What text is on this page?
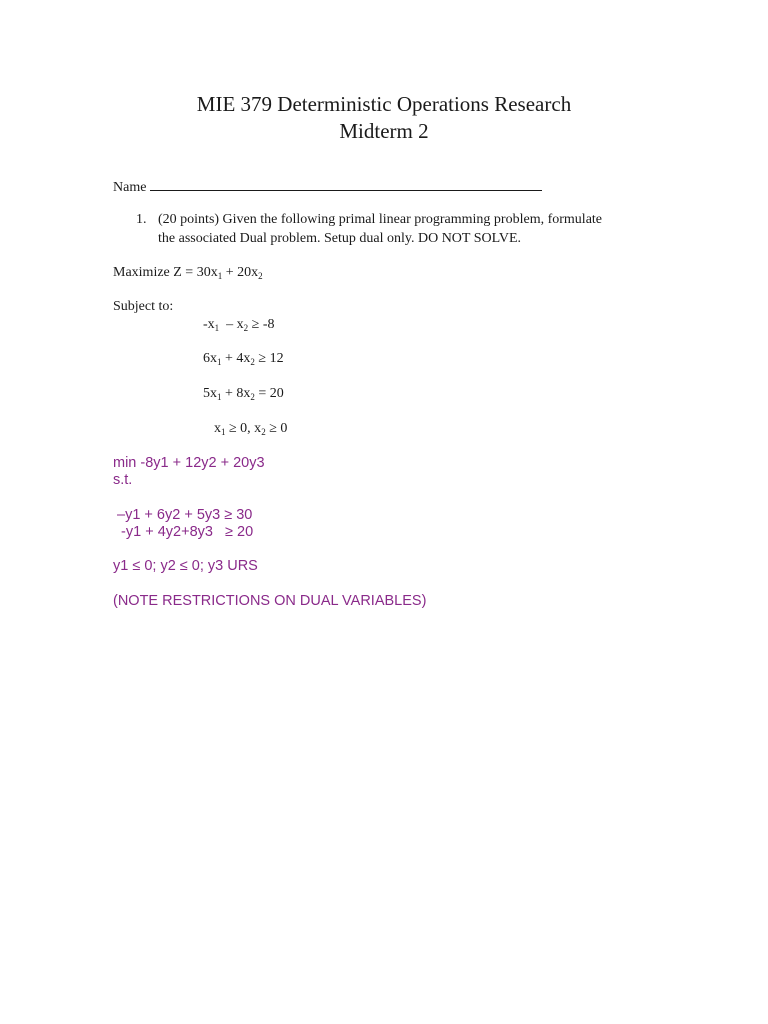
MIE 379 Deterministic Operations Research
Midterm 2
Name
1. (20 points) Given the following primal linear programming problem, formulate
the associated Dual problem. Setup dual only. DO NOT SOLVE.
Maximize $Z = 30x_1 + 20x_2$
Subject to:
$-x_1 - x_2 \ge -8$
$6x_1 + 4x_2 \ge 12$
$5x_1 + 8x_2 = 20$
$x_1 \ge 0$, $x_2 \ge 0$
min -8y1 + 12y2 + 20y3
s.t.
–y1 + 6y2 + 5y3 ≥ 30
-y1 + 4y2+8y3   ≥ 20
y1 ≤ 0; y2 ≤ 0; y3 URS
(NOTE RESTRICTIONS ON DUAL VARIABLES)
